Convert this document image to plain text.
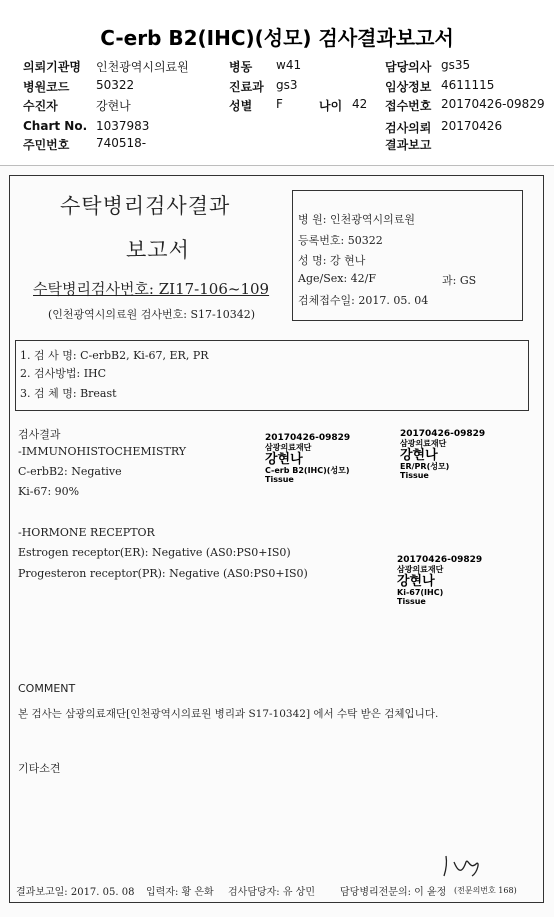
C-erb B2(IHC)(성모) 검사결과보고서
의뢰기관명 인천광역시의료원	병동 w41	담당의사 gs35
병원코드 50322	진료과 gs3	임상정보 4611115
수진자	강현나	성별 F	나이 42 접수번호 20170426-09829
Chart No. 1037983	검사의뢰 20170426
주민번호 740518-	결과보고
수탁병리검사결과
보고서
수탁병리검사번호: ZI17-106~109
(인천광역시의료원 검사번호: S17-10342)
병 원: 인천광역시의료원
등록번호: 50322
성 명: 강 현나
Age/Sex: 42/F	과: GS
검체접수일: 2017. 05. 04
1. 검 사 명: C-erbB2, Ki-67, ER, PR
2. 검사방법: IHC
3. 검 체 명: Breast
검사결과
-IMMUNOHISTOCHEMISTRY
C-erbB2: Negative
Ki-67: 90%
-HORMONE RECEPTOR
Estrogen receptor(ER): Negative (AS0:PS0+IS0)
Progesteron receptor(PR): Negative (AS0:PS0+IS0)
20170426-09829
삼광의료재단
강현나
C-erb B2(IHC)(성모)
Tissue
20170426-09829
삼광의료재단
강현나
ER/PR(성모)
Tissue
20170426-09829
삼광의료재단
강현나
Ki-67(IHC)
Tissue
COMMENT
본 검사는 삼광의료재단[인천광역시의료원 병리과 S17-10342] 에서 수탁 받은 검체입니다.
기타소견
결과보고일: 2017. 05. 08 입력자: 황 은화 검사담당자: 유 상민 담당병리전문의: 이 윤정 (전문의번호 168)
